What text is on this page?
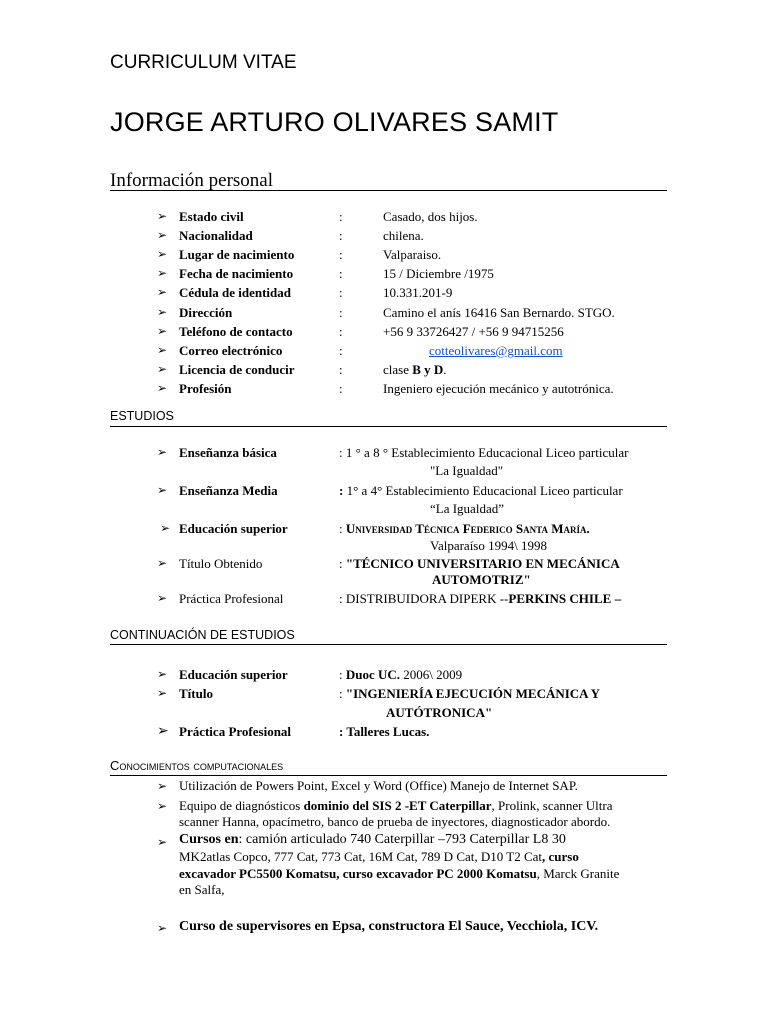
CURRICULUM VITAE
JORGE ARTURO OLIVARES SAMIT
Información personal
➢ Estado civil	:	Casado, dos hijos.
➢ Nacionalidad	:	chilena.
➢ Lugar de nacimiento	:	Valparaiso.
➢ Fecha de nacimiento	:	15 / Diciembre /1975
➢ Cédula de identidad	:	10.331.201-9
➢ Dirección	:	Camino el anís 16416 San Bernardo. STGO.
➢ Teléfono de contacto	:	+56 9 33726427 / +56 9 94715256
➢ Correo electrónico	:	cotteolivares@gmail.com
➢ Licencia de conducir	:	clase B y D.
➢ Profesión	:	Ingeniero ejecución mecánico y autotrónica.
ESTUDIOS
➢ Enseñanza básica	: 1 ° a 8 ° Establecimiento Educacional Liceo particular
"La Igualdad"
➢ Enseñanza Media	: 1° a 4° Establecimiento Educacional Liceo particular
“La Igualdad”
➢ Educación superior	: Universidad Técnica Federico Santa María.
Valparaíso 1994\ 1998
➢ Título Obtenido	: "TÉCNICO UNIVERSITARIO EN MECÁNICA
AUTOMOTRIZ"
➢ Práctica Profesional	: DISTRIBUIDORA DIPERK --PERKINS CHILE –
CONTINUACIÓN DE ESTUDIOS
➢ Educación superior	: Duoc UC. 2006\ 2009
➢ Título	: "INGENIERÍA EJECUCIÓN MECÁNICA Y
AUTÓTRONICA"
➢ Práctica Profesional	: Talleres Lucas.
Conocimientos computacionales
➢ Utilización de Powers Point, Excel y Word (Office) Manejo de Internet SAP.
➢ Equipo de diagnósticos dominio del SIS 2 -ET Caterpillar, Prolink, scanner Ultra
scanner Hanna, opacímetro, banco de prueba de inyectores, diagnosticador abordo.
➢ Cursos en: camión articulado 740 Caterpillar –793 Caterpillar L8 30
MK2atlas Copco, 777 Cat, 773 Cat, 16M Cat, 789 D Cat, D10 T2 Cat, curso
excavador PC5500 Komatsu, curso excavador PC 2000 Komatsu, Marck Granite
en Salfa,
➢ Curso de supervisores en Epsa, constructora El Sauce, Vecchiola, ICV.
